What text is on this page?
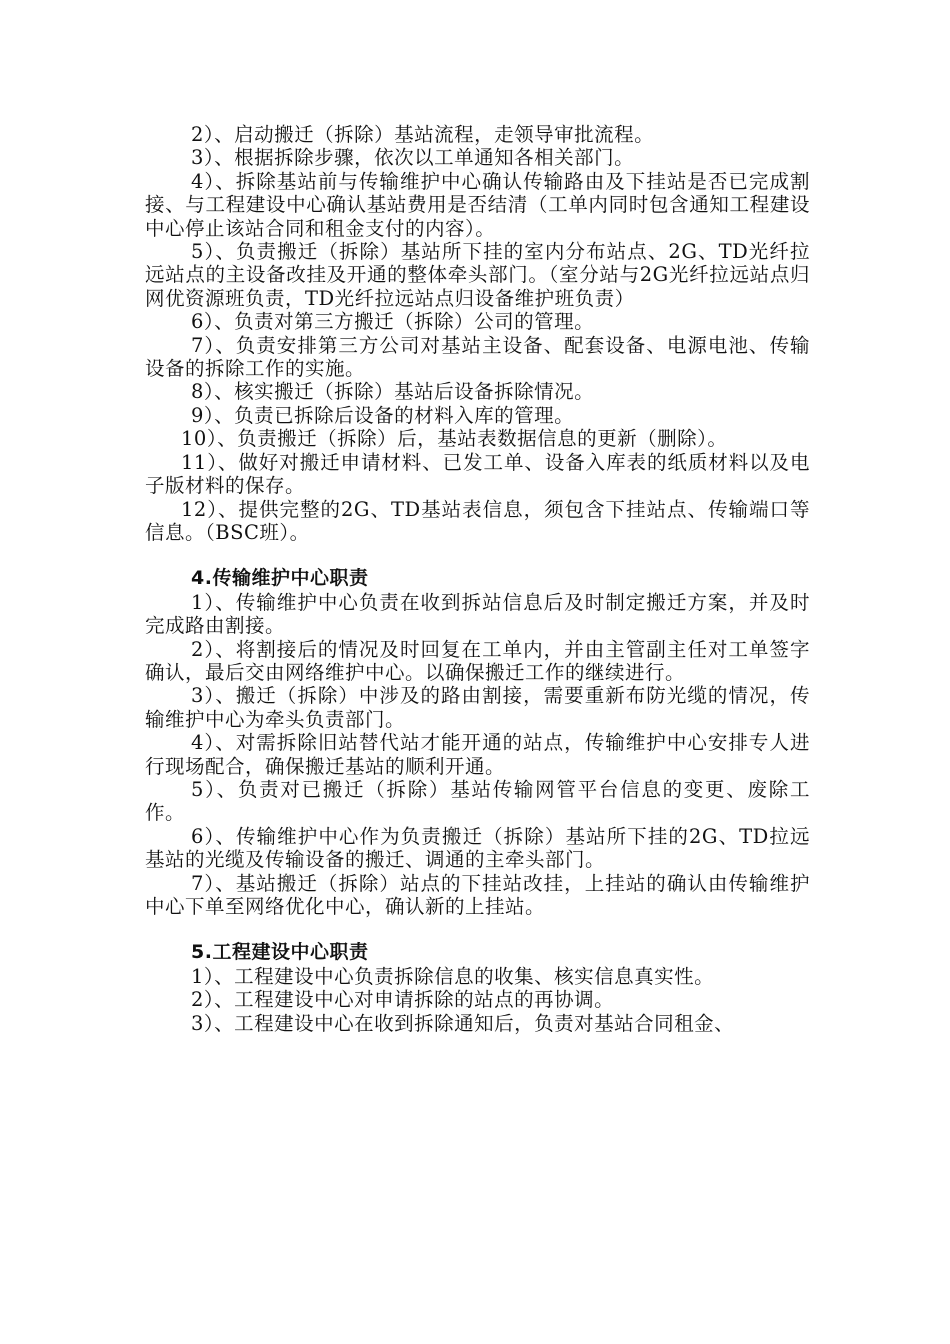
2）、启动搬迁（拆除）基站流程，走领导审批流程。

3）、根据拆除步骤，依次以工单通知各相关部门。

4）、拆除基站前与传输维护中心确认传输路由及下挂站是否已完成割接、与工程建设中心确认基站费用是否结清（工单内同时包含通知工程建设中心停止该站合同和租金支付的内容）。

5）、负责搬迁（拆除）基站所下挂的室内分布站点、2G、TD光纤拉远站点的主设备改挂及开通的整体牵头部门。（室分站与2G光纤拉远站点归网优资源班负责，TD光纤拉远站点归设备维护班负责）

6）、负责对第三方搬迁（拆除）公司的管理。

7）、负责安排第三方公司对基站主设备、配套设备、电源电池、传输设备的拆除工作的实施。

8）、核实搬迁（拆除）基站后设备拆除情况。

9）、负责已拆除后设备的材料入库的管理。

10）、负责搬迁（拆除）后，基站表数据信息的更新（删除）。

11）、做好对搬迁申请材料、已发工单、设备入库表的纸质材料以及电子版材料的保存。

12）、提供完整的2G、TD基站表信息，须包含下挂站点、传输端口等信息。（BSC班）。

4.传输维护中心职责

1）、传输维护中心负责在收到拆站信息后及时制定搬迁方案，并及时完成路由割接。

2）、将割接后的情况及时回复在工单内，并由主管副主任对工单签字确认，最后交由网络维护中心。以确保搬迁工作的继续进行。

3）、搬迁（拆除）中涉及的路由割接，需要重新布防光缆的情况，传输维护中心为牵头负责部门。

4）、对需拆除旧站替代站才能开通的站点，传输维护中心安排专人进行现场配合，确保搬迁基站的顺利开通。

5）、负责对已搬迁（拆除）基站传输网管平台信息的变更、废除工作。

6）、传输维护中心作为负责搬迁（拆除）基站所下挂的2G、TD拉远基站的光缆及传输设备的搬迁、调通的主牵头部门。

7）、基站搬迁（拆除）站点的下挂站改挂，上挂站的确认由传输维护中心下单至网络优化中心，确认新的上挂站。

5.工程建设中心职责

1）、工程建设中心负责拆除信息的收集、核实信息真实性。

2）、工程建设中心对申请拆除的站点的再协调。

3）、工程建设中心在收到拆除通知后，负责对基站合同租金、
